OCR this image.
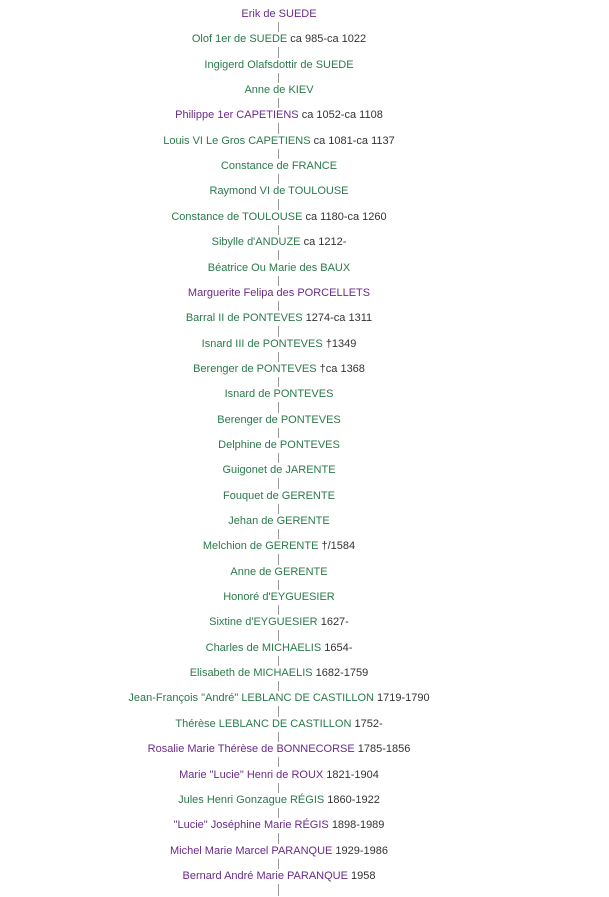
Erik de SUEDE
Olof 1er de SUEDE ca 985-ca 1022
Ingigerd Olafsdottir de SUEDE
Anne de KIEV
Philippe 1er CAPETIENS ca 1052-ca 1108
Louis VI Le Gros CAPETIENS ca 1081-ca 1137
Constance de FRANCE
Raymond VI de TOULOUSE
Constance de TOULOUSE ca 1180-ca 1260
Sibylle d'ANDUZE ca 1212-
Béatrice Ou Marie des BAUX
Marguerite Felipa des PORCELLETS
Barral II de PONTEVES 1274-ca 1311
Isnard III de PONTEVES †1349
Berenger de PONTEVES †ca 1368
Isnard de PONTEVES
Berenger de PONTEVES
Delphine de PONTEVES
Guigonet de JARENTE
Fouquet de GERENTE
Jehan de GERENTE
Melchion de GERENTE †/1584
Anne de GERENTE
Honoré d'EYGUESIER
Sixtine d'EYGUESIER 1627-
Charles de MICHAELIS 1654-
Elisabeth de MICHAELIS 1682-1759
Jean-François "André" LEBLANC DE CASTILLON 1719-1790
Thérèse LEBLANC DE CASTILLON 1752-
Rosalie Marie Thérèse de BONNECORSE 1785-1856
Marie "Lucie" Henri de ROUX 1821-1904
Jules Henri Gonzague RÉGIS 1860-1922
"Lucie" Joséphine Marie RÉGIS 1898-1989
Michel Marie Marcel PARANQUE 1929-1986
Bernard André Marie PARANQUE 1958
